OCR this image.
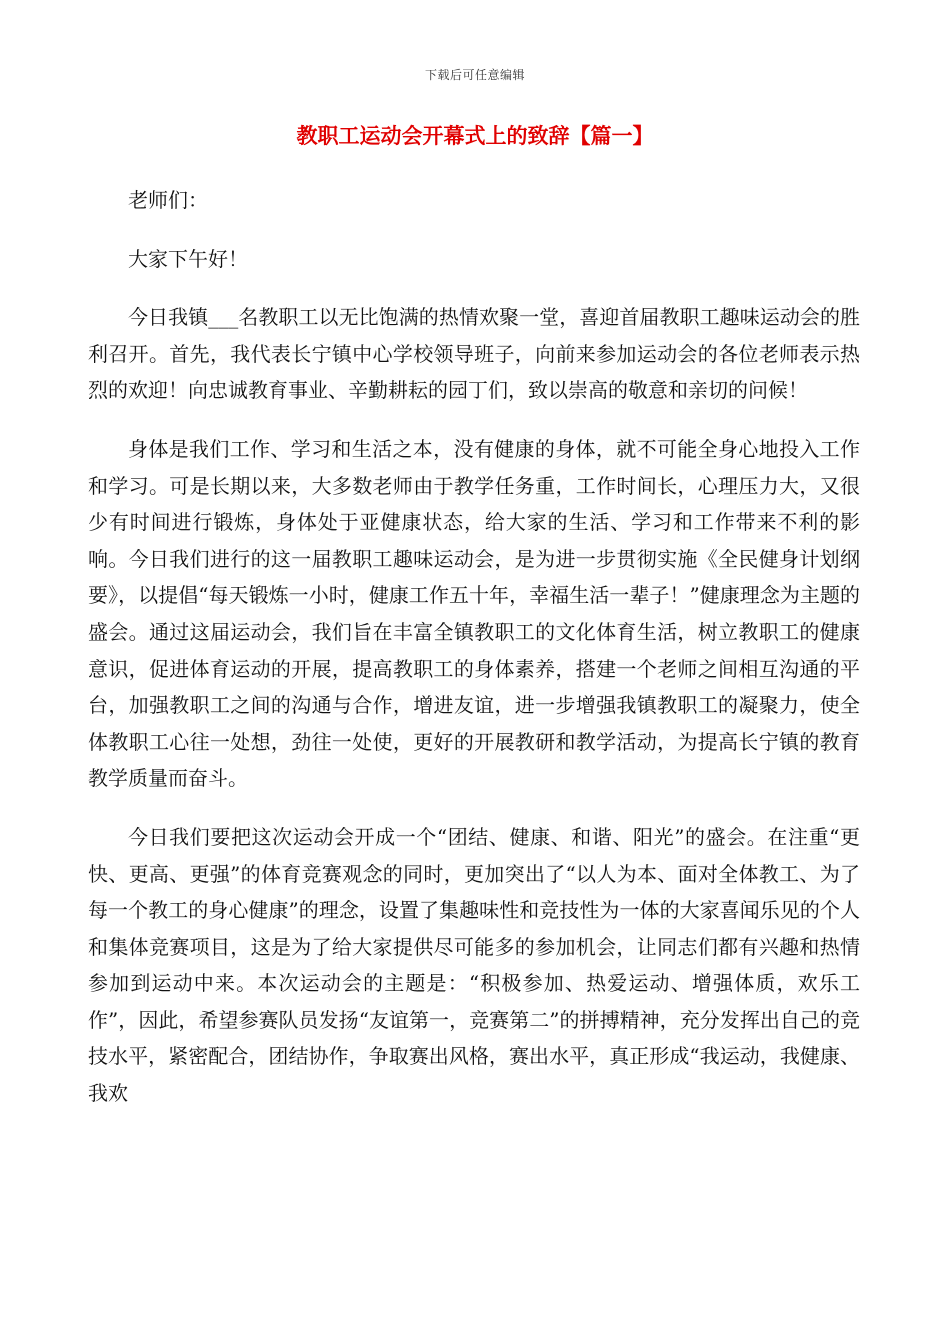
下载后可任意编辑
教职工运动会开幕式上的致辞【篇一】

老师们：

大家下午好！

今日我镇___名教职工以无比饱满的热情欢聚一堂，喜迎首届教职工趣味运动会的胜利召开。首先，我代表长宁镇中心学校领导班子，向前来参加运动会的各位老师表示热烈的欢迎！向忠诚教育事业、辛勤耕耘的园丁们，致以崇高的敬意和亲切的问候！

身体是我们工作、学习和生活之本，没有健康的身体，就不可能全身心地投入工作和学习。可是长期以来，大多数老师由于教学任务重，工作时间长，心理压力大，又很少有时间进行锻炼，身体处于亚健康状态，给大家的生活、学习和工作带来不利的影响。今日我们进行的这一届教职工趣味运动会，是为进一步贯彻实施《全民健身计划纲要》，以提倡“每天锻炼一小时，健康工作五十年，幸福生活一辈子！”健康理念为主题的盛会。通过这届运动会，我们旨在丰富全镇教职工的文化体育生活，树立教职工的健康意识，促进体育运动的开展，提高教职工的身体素养，搭建一个老师之间相互沟通的平台，加强教职工之间的沟通与合作，增进友谊，进一步增强我镇教职工的凝聚力，使全体教职工心往一处想，劲往一处使，更好的开展教研和教学活动，为提高长宁镇的教育教学质量而奋斗。

今日我们要把这次运动会开成一个“团结、健康、和谐、阳光”的盛会。在注重“更快、更高、更强”的体育竞赛观念的同时，更加突出了“以人为本、面对全体教工、为了每一个教工的身心健康”的理念，设置了集趣味性和竞技性为一体的大家喜闻乐见的个人和集体竞赛项目，这是为了给大家提供尽可能多的参加机会，让同志们都有兴趣和热情参加到运动中来。本次运动会的主题是：“积极参加、热爱运动、增强体质，欢乐工作”，因此，希望参赛队员发扬“友谊第一，竞赛第二”的拼搏精神，充分发挥出自己的竞技水平，紧密配合，团结协作，争取赛出风格，赛出水平，真正形成“我运动，我健康、我欢
